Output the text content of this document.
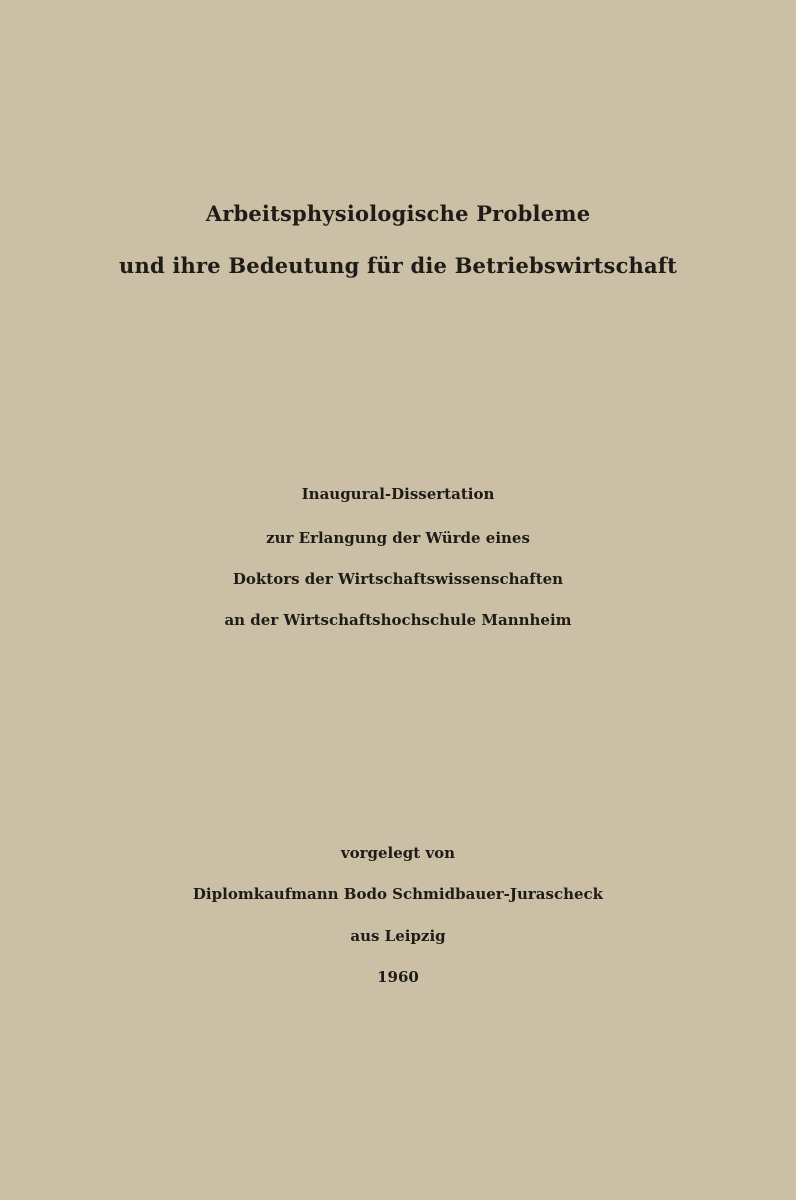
Arbeitsphysiologische Probleme
und ihre Bedeutung für die Betriebswirtschaft
Inaugural-Dissertation
zur Erlangung der Würde eines
Doktors der Wirtschaftswissenschaften
an der Wirtschaftshochschule Mannheim
vorgelegt von
Diplomkaufmann Bodo Schmidbauer-Jurascheck
aus Leipzig
1960
